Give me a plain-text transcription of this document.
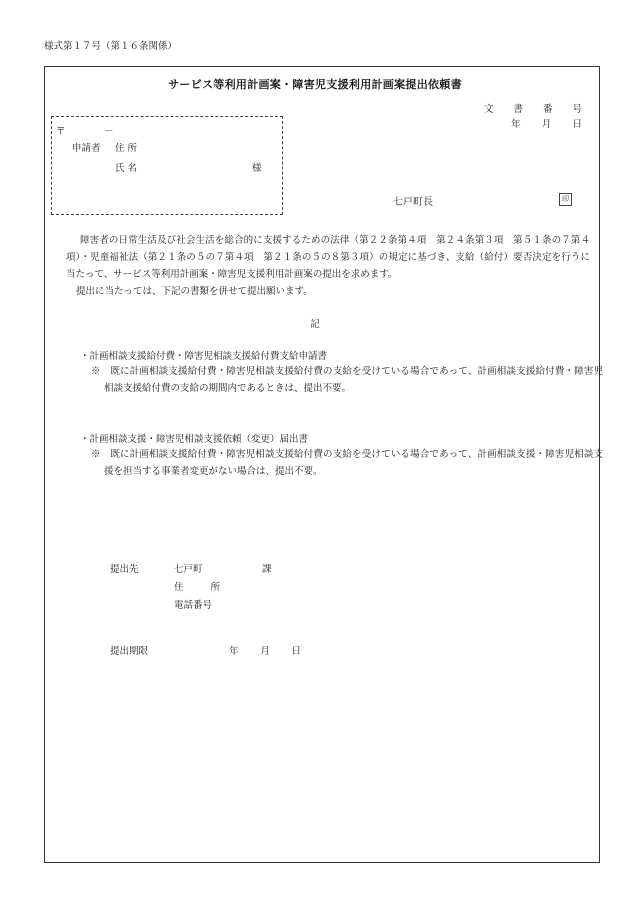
様式第１７号（第１６条関係）
サービス等利用計画案・障害児支援利用計画案提出依頼書
文 書 番 号
年 月 日
〒	－
申請者 住 所
氏 名	様
七戸町長	印
障害者の日常生活及び社会生活を総合的に支援するための法律（第２２条第４項　第２４条第３項　第５１条の７第４項）・児童福祉法（第２１条の５の７第４項　第２１条の５の８第３項）の規定に基づき、支給（給付）要否決定を行うに当たって、サービス等利用計画案・障害児支援利用計画案の提出を求めます。
提出に当たっては、下記の書類を併せて提出願います。
記
・計画相談支援給付費・障害児相談支援給付費支給申請書
※　既に計画相談支援給付費・障害児相談支援給付費の支給を受けている場合であって、計画相談支援給付費・障害児相談支援給付費の支給の期間内であるときは、提出不要。
・計画相談支援・障害児相談支援依頼（変更）届出書
※　既に計画相談支援給付費・障害児相談支援給付費の支給を受けている場合であって、計画相談支援・障害児相談支援を担当する事業者変更がない場合は、提出不要。
提出先	七戸町	課
住	所
電話番号
提出期限	年 月 日
